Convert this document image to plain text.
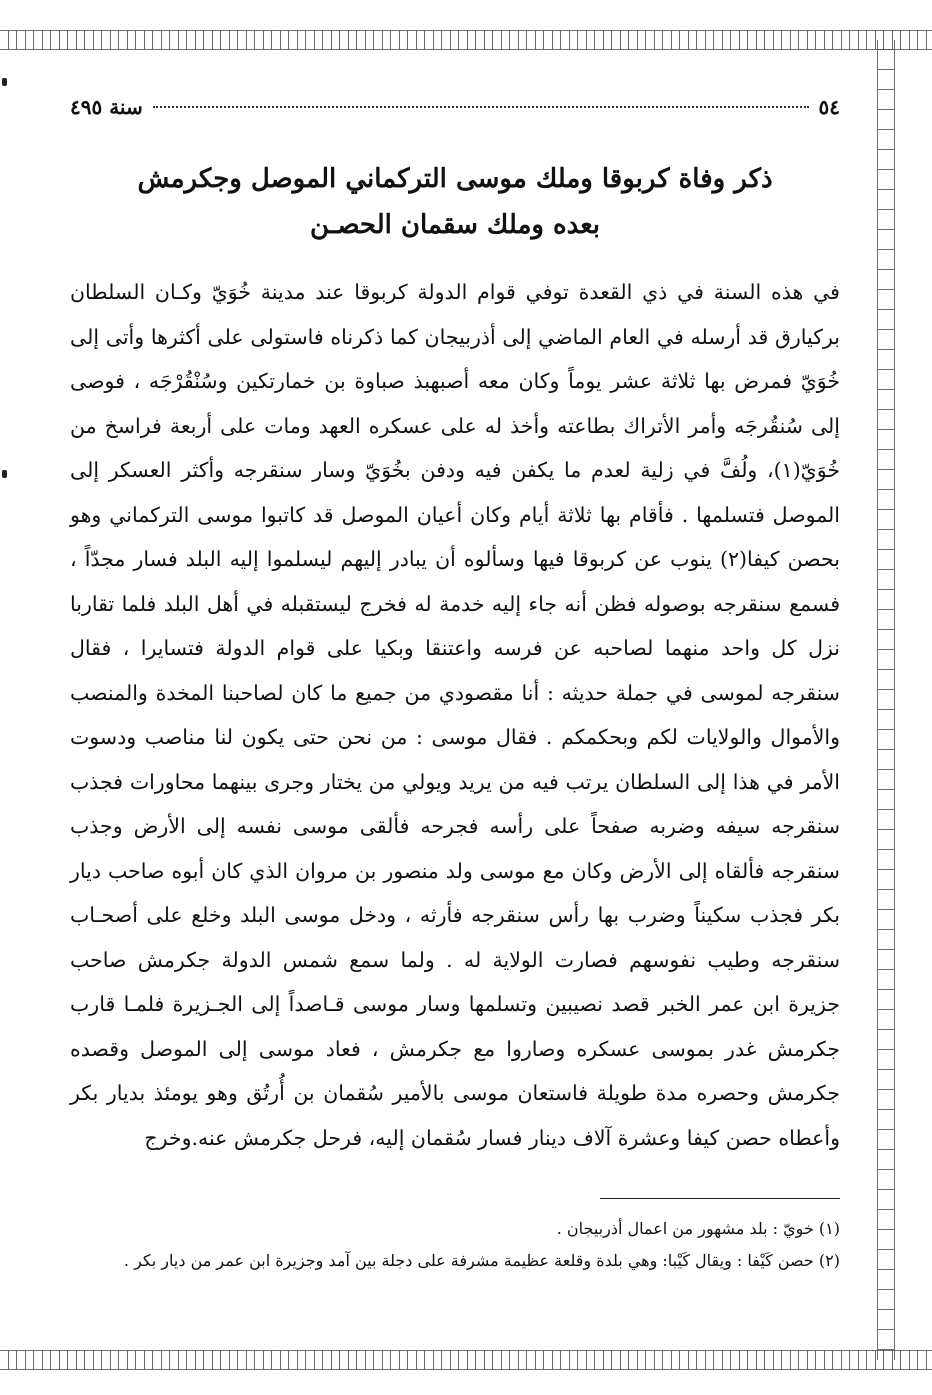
٥٤
سنة ٤٩٥
ذكر وفاة كربوقا وملك موسى التركماني الموصل وجكرمش
بعده وملك سقمان الحصـن
في هذه السنة في ذي القعدة توفي قوام الدولة كربوقا عند مدينة خُوَيّ وكـان السلطان بركيارق قد أرسله في العام الماضي إلى أذربيجان كما ذكرناه فاستولى على أكثرها وأتى إلى خُوَيّ فمرض بها ثلاثة عشر يوماً وكان معه أصبهبذ صباوة بن خمارتكين وسُنْقُرْجَه ، فوصى إلى سُنقُرجَه وأمر الأتراك بطاعته وأخذ له على عسكره العهد ومات على أربعة فراسخ من خُوَيّ(١)، ولُفَّ في زلية لعدم ما يكفن فيه ودفن بخُوَيّ وسار سنقرجه وأكثر العسكر إلى الموصل فتسلمها . فأقام بها ثلاثة أيام وكان أعيان الموصل قد كاتبوا موسى التركماني وهو بحصن كيفا(٢) ينوب عن كربوقا فيها وسألوه أن يبادر إليهم ليسلموا إليه البلد فسار مجدّاً ، فسمع سنقرجه بوصوله فظن أنه جاء إليه خدمة له فخرج ليستقبله في أهل البلد فلما تقاربا نزل كل واحد منهما لصاحبه عن فرسه واعتنقا وبكيا على قوام الدولة فتسايرا ، فقال سنقرجه لموسى في جملة حديثه : أنا مقصودي من جميع ما كان لصاحبنا المخدة والمنصب والأموال والولايات لكم وبحكمكم . فقال موسى : من نحن حتى يكون لنا مناصب ودسوت الأمر في هذا إلى السلطان يرتب فيه من يريد ويولي من يختار وجرى بينهما محاورات فجذب سنقرجه سيفه وضربه صفحاً على رأسه فجرحه فألقى موسى نفسه إلى الأرض وجذب سنقرجه فألقاه إلى الأرض وكان مع موسى ولد منصور بن مروان الذي كان أبوه صاحب ديار بكر فجذب سكيناً وضرب بها رأس سنقرجه فأرثه ، ودخل موسى البلد وخلع على أصحـاب سنقرجه وطيب نفوسهم فصارت الولاية له . ولما سمع شمس الدولة جكرمش صاحب جزيرة ابن عمر الخبر قصد نصيبين وتسلمها وسار موسى قـاصداً إلى الجـزيرة فلمـا قارب جكرمش غدر بموسى عسكره وصاروا مع جكرمش ، فعاد موسى إلى الموصل وقصده جكرمش وحصره مدة طويلة فاستعان موسى بالأمير سُقمان بن أُرتُق وهو يومئذ بديار بكر وأعطاه حصن كيفا وعشرة آلاف دينار فسار سُقمان إليه، فرحل جكرمش عنه.وخرج

(١) خويّ : بلد مشهور من اعمال أذربيجان .

(٢) حصن كَيْفا : ويقال كَيْبا: وهي بلدة وقلعة عظيمة مشرفة على دجلة بين آمد وجزيرة ابن عمر من ديار بكر .
